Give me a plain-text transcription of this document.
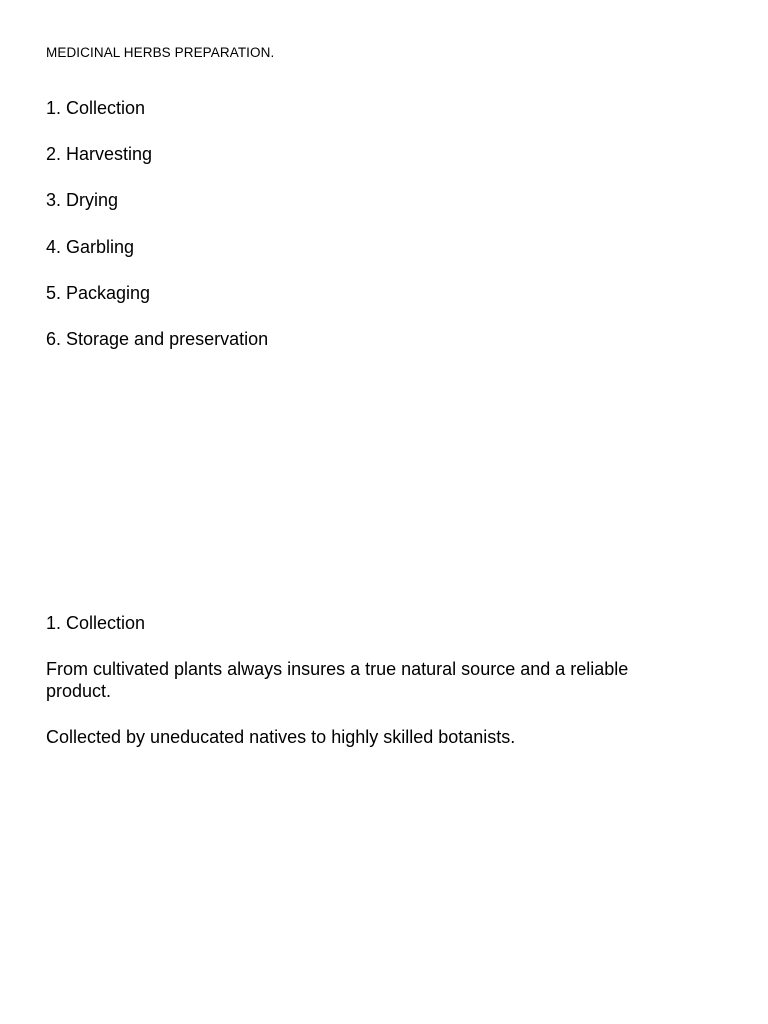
MEDICINAL HERBS PREPARATION.
1. Collection
2. Harvesting
3. Drying
4. Garbling
5. Packaging
6. Storage and preservation
1. Collection

From cultivated plants always insures a true natural source and a reliable product.

Collected by uneducated natives to highly skilled botanists.
